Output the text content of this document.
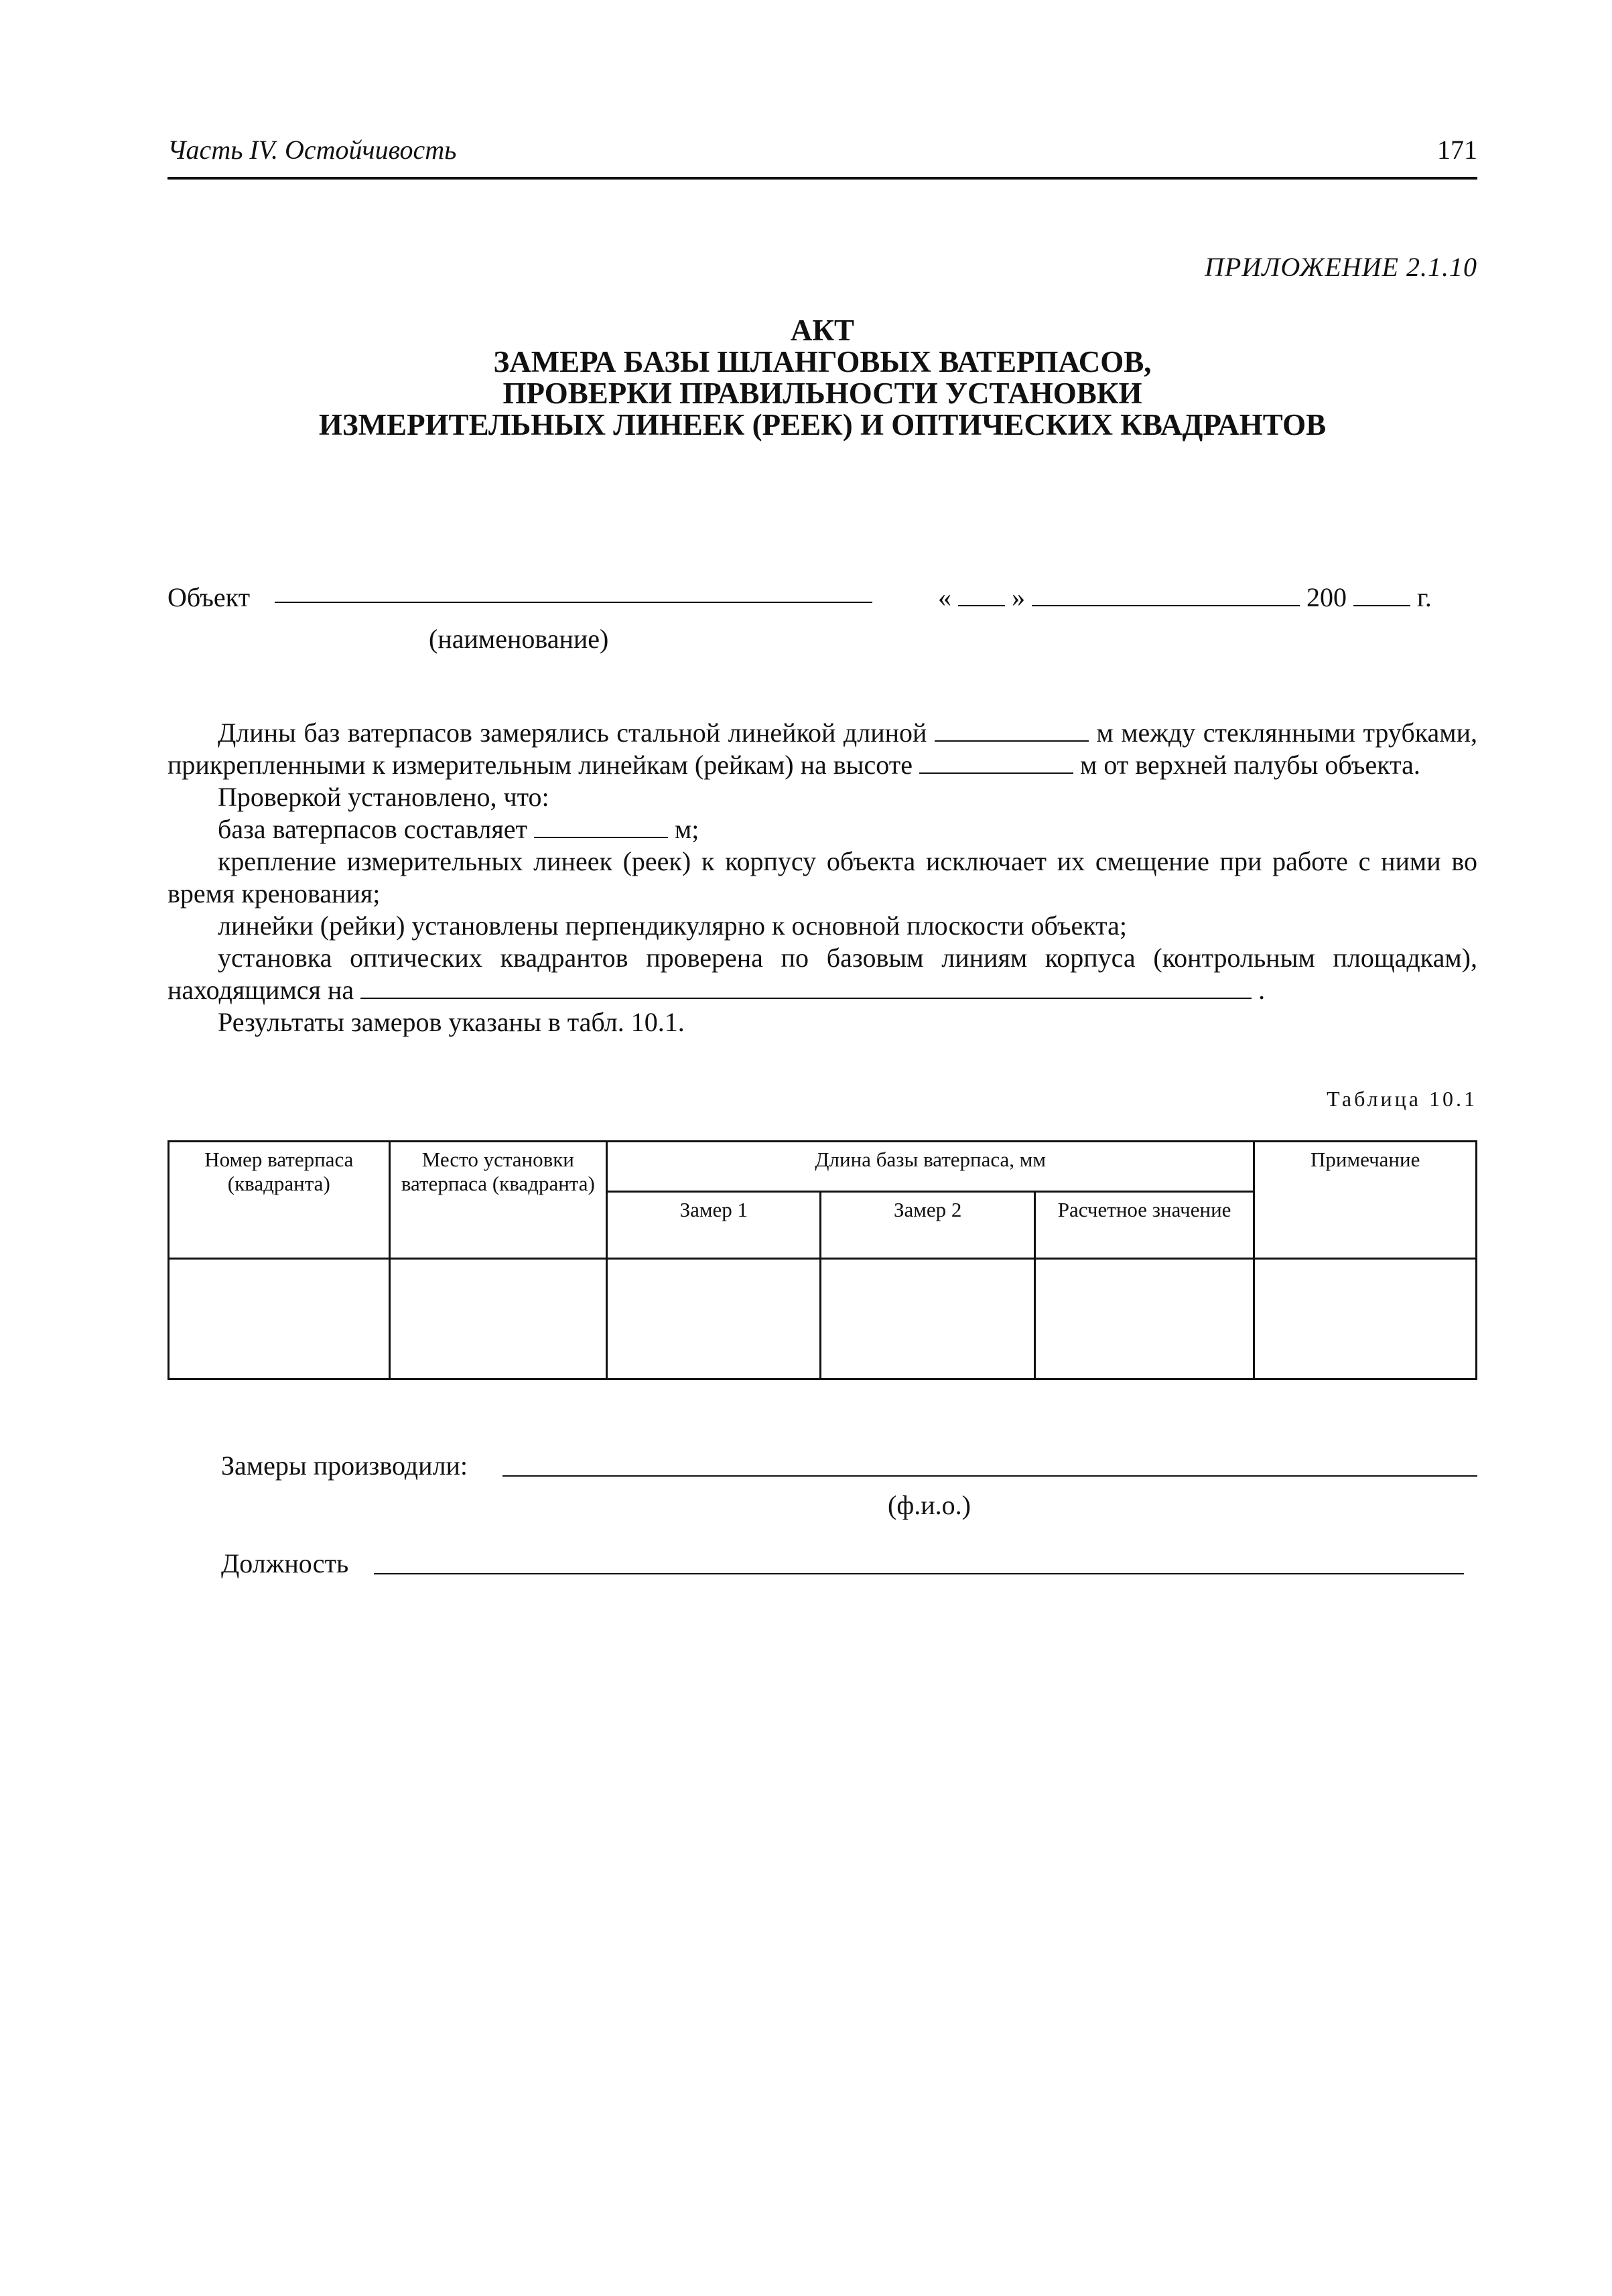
Часть IV. Остойчивость	171
ПРИЛОЖЕНИЕ 2.1.10
АКТ
ЗАМЕРА БАЗЫ ШЛАНГОВЫХ ВАТЕРПАСОВ,
ПРОВЕРКИ ПРАВИЛЬНОСТИ УСТАНОВКИ
ИЗМЕРИТЕЛЬНЫХ ЛИНЕЕК (РЕЕК) И ОПТИЧЕСКИХ КВАДРАНТОВ
Объект	« »	200	г.
(наименование)

Длины баз ватерпасов замерялись стальной линейкой длиной	м между стеклянными трубками, прикрепленными к измерительным линейкам (рейкам) на высоте	м от верхней палубы объекта.

Проверкой установлено, что:

база ватерпасов составляет	м;

крепление измерительных линеек (реек) к корпусу объекта исключает их смещение при работе с ними во время кренования;

линейки (рейки) установлены перпендикулярно к основной плоскости объекта;

установка оптических квадрантов проверена по базовым линиям корпуса (контрольным площадкам), находящимся на	.

Результаты замеров указаны в табл. 10.1.

Таблица 10.1
Номер ватерпаса (квадранта)	Место установки ватерпаса (квадранта)	Длина базы ватерпаса, мм			Примечание
		Замер 1	Замер 2	Расчетное значение	

Замеры производили:
(ф.и.о.)
Должность
